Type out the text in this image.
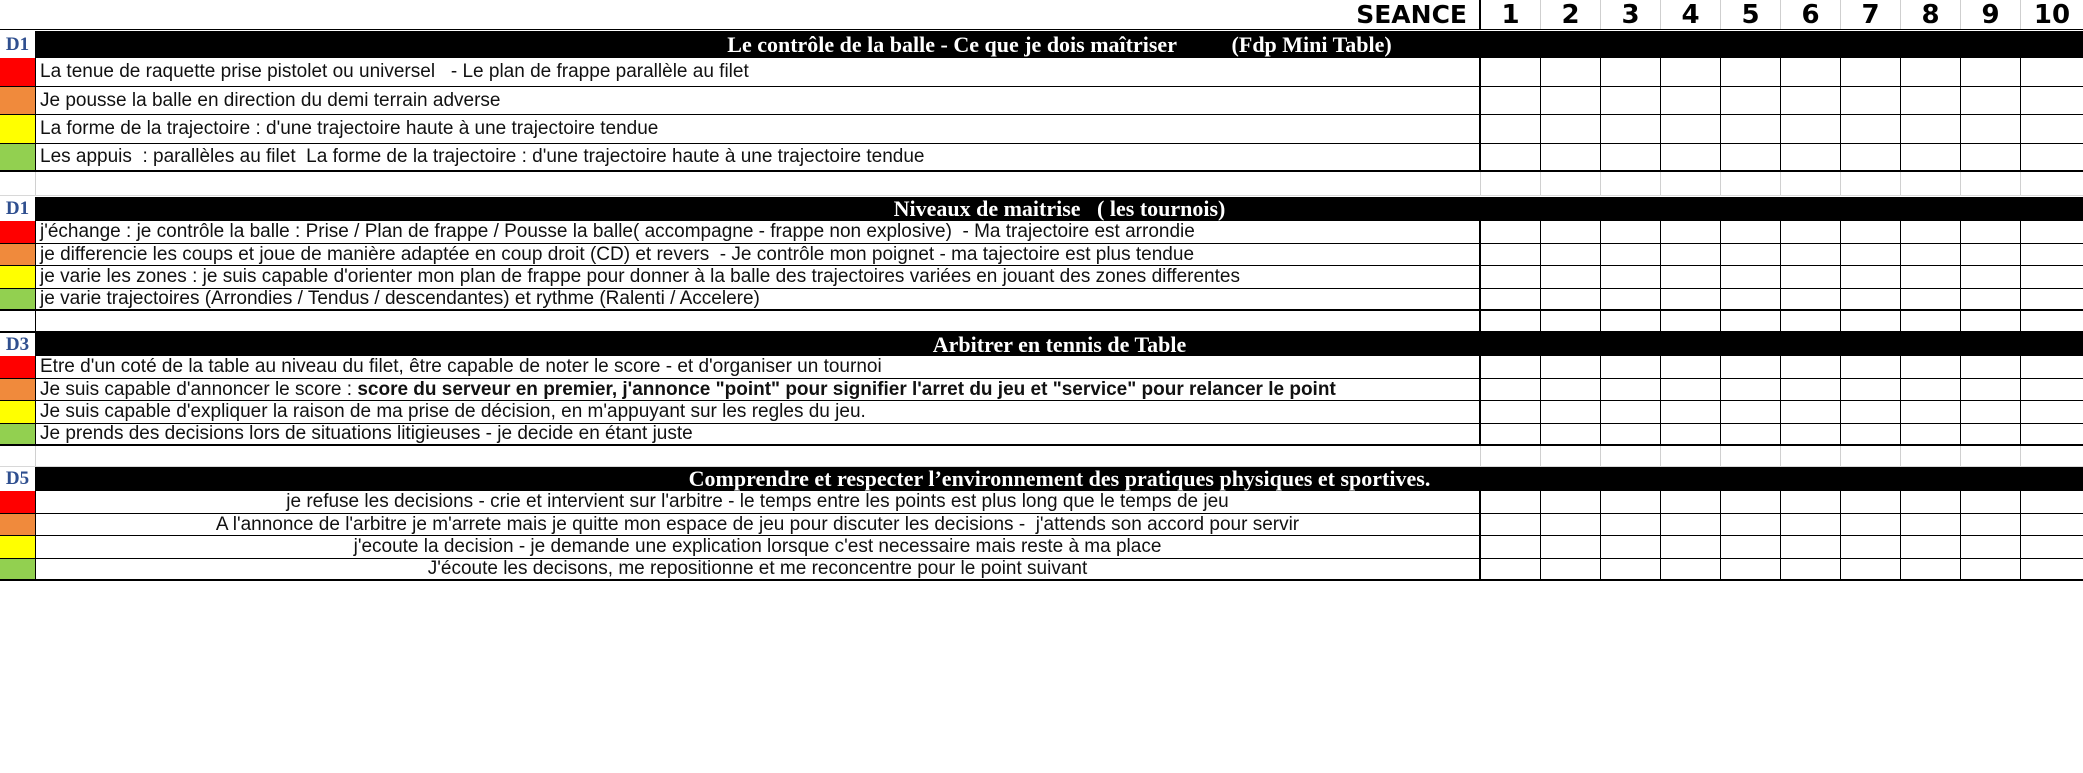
SEANCE	1	2	3	4	5	6	7	8	9	10
D1	Le contrôle de la balle - Ce que je dois maîtriser          (Fdp Mini Table)
La tenue de raquette prise pistolet ou universel   - Le plan de frappe parallèle au filet
Je pousse la balle en direction du demi terrain adverse
La forme de la trajectoire : d'une trajectoire haute à une trajectoire tendue
Les appuis  : parallèles au filet  La forme de la trajectoire : d'une trajectoire haute à une trajectoire tendue
D1	Niveaux de maitrise   ( les tournois)
j'échange : je contrôle la balle : Prise / Plan de frappe / Pousse la balle( accompagne - frappe non explosive)  - Ma trajectoire est arrondie
je differencie les coups et joue de manière adaptée en coup droit (CD) et revers  - Je contrôle mon poignet - ma tajectoire est plus tendue
je varie les zones : je suis capable d'orienter mon plan de frappe pour donner à la balle des trajectoires variées en jouant des zones differentes
je varie trajectoires (Arrondies / Tendus / descendantes) et rythme (Ralenti / Accelere)
D3	Arbitrer en tennis de Table
Etre d'un coté de la table au niveau du filet, être capable de noter le score - et d'organiser un tournoi
Je suis capable d'annoncer le score : score du serveur en premier, j'annonce "point" pour signifier l'arret du jeu et "service" pour relancer le point
Je suis capable d'expliquer la raison de ma prise de décision, en m'appuyant sur les regles du jeu.
Je prends des decisions lors de situations litigieuses - je decide en étant juste
D5	Comprendre et respecter l’environnement des pratiques physiques et sportives.
je refuse les decisions - crie et intervient sur l'arbitre - le temps entre les points est plus long que le temps de jeu
A l'annonce de l'arbitre je m'arrete mais je quitte mon espace de jeu pour discuter les decisions -  j'attends son accord pour servir
j'ecoute la decision - je demande une explication lorsque c'est necessaire mais reste à ma place
J'écoute les decisons, me repositionne et me reconcentre pour le point suivant
